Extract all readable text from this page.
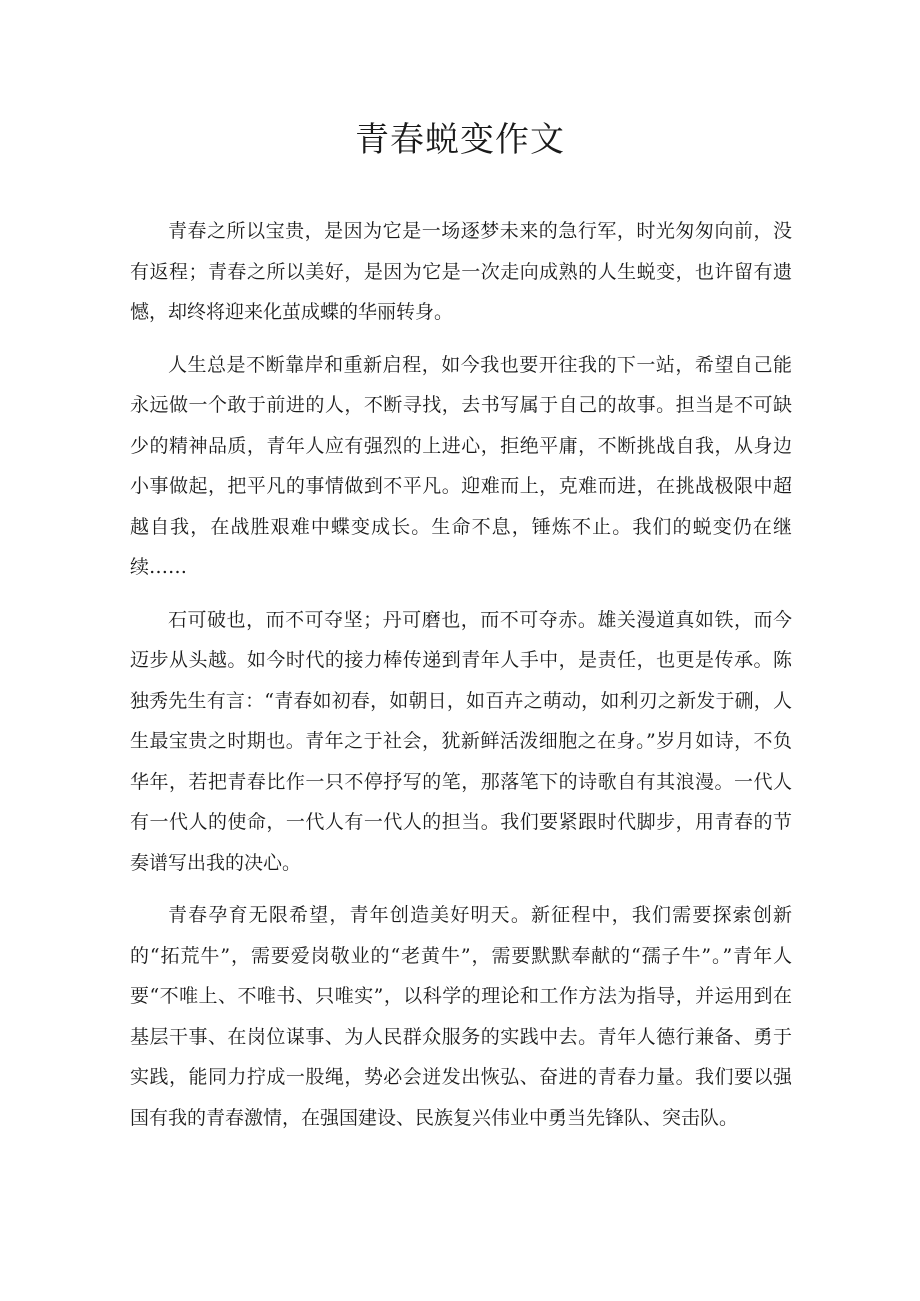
青春蜕变作文

青春之所以宝贵，是因为它是一场逐梦未来的急行军，时光匆匆向前，没有返程；青春之所以美好，是因为它是一次走向成熟的人生蜕变，也许留有遗憾，却终将迎来化茧成蝶的华丽转身。

人生总是不断靠岸和重新启程，如今我也要开往我的下一站，希望自己能永远做一个敢于前进的人，不断寻找，去书写属于自己的故事。担当是不可缺少的精神品质，青年人应有强烈的上进心，拒绝平庸，不断挑战自我，从身边小事做起，把平凡的事情做到不平凡。迎难而上，克难而进，在挑战极限中超越自我，在战胜艰难中蝶变成长。生命不息，锤炼不止。我们的蜕变仍在继续……

石可破也，而不可夺坚；丹可磨也，而不可夺赤。雄关漫道真如铁，而今迈步从头越。如今时代的接力棒传递到青年人手中，是责任，也更是传承。陈独秀先生有言：“青春如初春，如朝日，如百卉之萌动，如利刃之新发于硎，人生最宝贵之时期也。青年之于社会，犹新鲜活泼细胞之在身。”岁月如诗，不负华年，若把青春比作一只不停抒写的笔，那落笔下的诗歌自有其浪漫。一代人有一代人的使命，一代人有一代人的担当。我们要紧跟时代脚步，用青春的节奏谱写出我的决心。

青春孕育无限希望，青年创造美好明天。新征程中，我们需要探索创新的“拓荒牛”，需要爱岗敬业的“老黄牛”，需要默默奉献的“孺子牛”。”青年人要“不唯上、不唯书、只唯实”，以科学的理论和工作方法为指导，并运用到在基层干事、在岗位谋事、为人民群众服务的实践中去。青年人德行兼备、勇于实践，能同力拧成一股绳，势必会迸发出恢弘、奋进的青春力量。我们要以强国有我的青春激情，在强国建设、民族复兴伟业中勇当先锋队、突击队。
